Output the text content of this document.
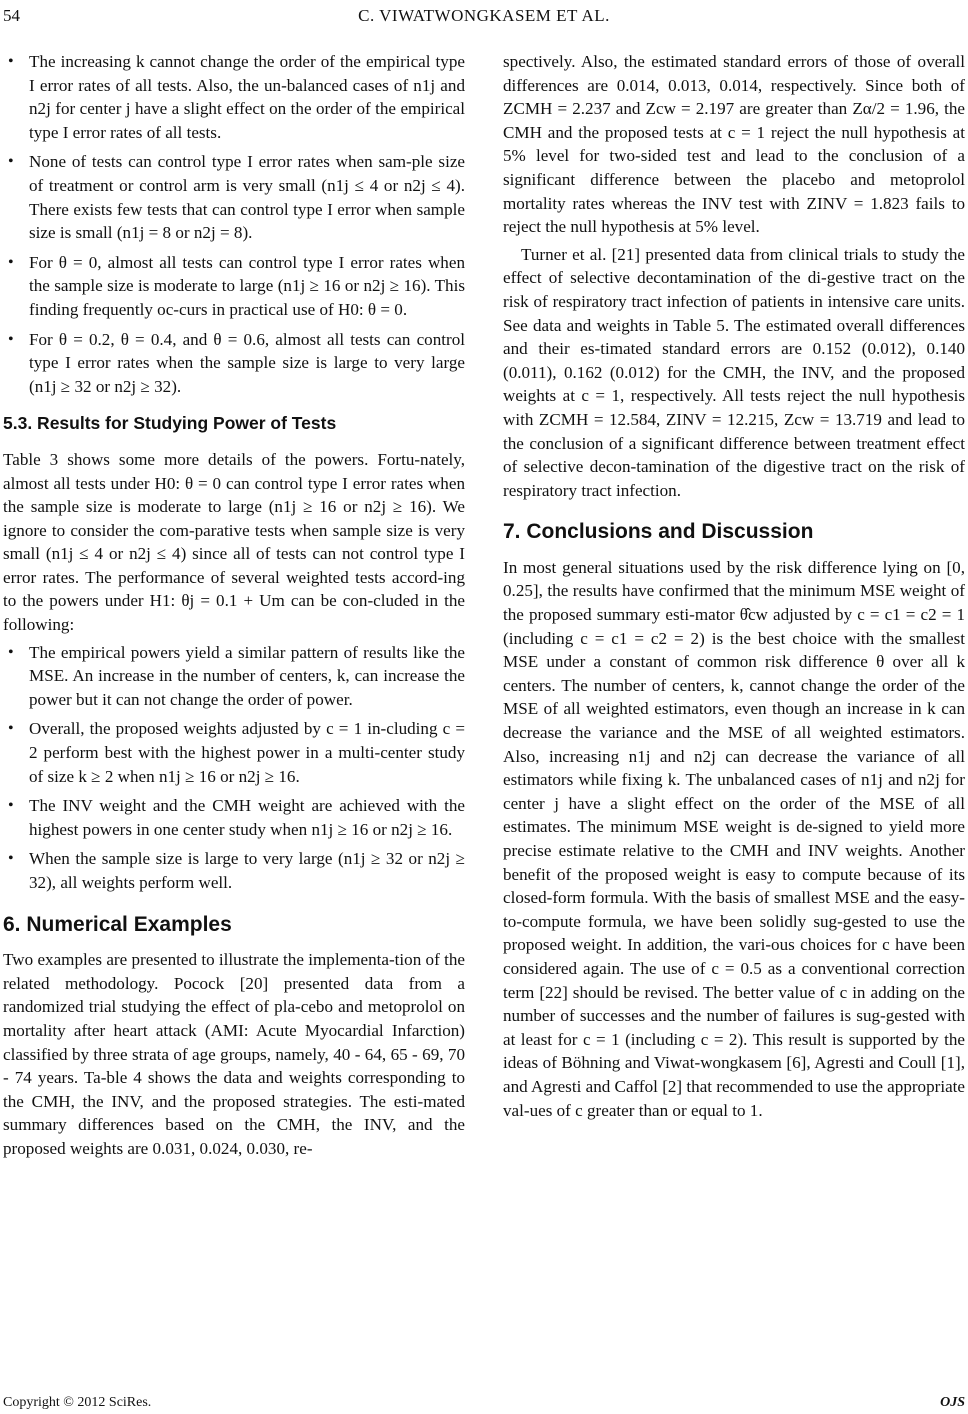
54	C. VIWATWONGKASEM ET AL.
• The increasing k cannot change the order of the empirical type I error rates of all tests. Also, the un-balanced cases of n1j and n2j for center j have a slight effect on the order of the empirical type I error rates of all tests.
• None of tests can control type I error rates when sam-ple size of treatment or control arm is very small (n1j ≤ 4 or n2j ≤ 4). There exists few tests that can control type I error when sample size is small (n1j = 8 or n2j = 8).
• For θ = 0, almost all tests can control type I error rates when the sample size is moderate to large (n1j ≥ 16 or n2j ≥ 16). This finding frequently oc-curs in practical use of H0: θ = 0.
• For θ = 0.2, θ = 0.4, and θ = 0.6, almost all tests can control type I error rates when the sample size is large to very large (n1j ≥ 32 or n2j ≥ 32).

5.3. Results for Studying Power of Tests

Table 3 shows some more details of the powers. Fortu-nately, almost all tests under H0: θ = 0 can control type I error rates when the sample size is moderate to large (n1j ≥ 16 or n2j ≥ 16). We ignore to consider the com-parative tests when sample size is very small (n1j ≤ 4 or n2j ≤ 4) since all of tests can not control type I error rates. The performance of several weighted tests accord-ing to the powers under H1: θj = 0.1 + Um can be con-cluded in the following:

• The empirical powers yield a similar pattern of results like the MSE. An increase in the number of centers, k, can increase the power but it can not change the order of power.
• Overall, the proposed weights adjusted by c = 1 in-cluding c = 2 perform best with the highest power in a multi-center study of size k ≥ 2 when n1j ≥ 16 or n2j ≥ 16.
• The INV weight and the CMH weight are achieved with the highest powers in one center study when n1j ≥ 16 or n2j ≥ 16.
• When the sample size is large to very large (n1j ≥ 32 or n2j ≥ 32), all weights perform well.

6. Numerical Examples

Two examples are presented to illustrate the implementa-tion of the related methodology. Pocock [20] presented data from a randomized trial studying the effect of pla-cebo and metoprolol on mortality after heart attack (AMI: Acute Myocardial Infarction) classified by three strata of age groups, namely, 40 - 64, 65 - 69, 70 - 74 years. Ta-ble 4 shows the data and weights corresponding to the CMH, the INV, and the proposed strategies. The esti-mated summary differences based on the CMH, the INV, and the proposed weights are 0.031, 0.024, 0.030, re-

spectively. Also, the estimated standard errors of those of overall differences are 0.014, 0.013, 0.014, respectively. Since both of ZCMH = 2.237 and Zcw = 2.197 are greater than Zα/2 = 1.96, the CMH and the proposed tests at c = 1 reject the null hypothesis at 5% level for two-sided test and lead to the conclusion of a significant difference between the placebo and metoprolol mortality rates whereas the INV test with ZINV = 1.823 fails to reject the null hypothesis at 5% level.

Turner et al. [21] presented data from clinical trials to study the effect of selective decontamination of the di-gestive tract on the risk of respiratory tract infection of patients in intensive care units. See data and weights in Table 5. The estimated overall differences and their es-timated standard errors are 0.152 (0.012), 0.140 (0.011), 0.162 (0.012) for the CMH, the INV, and the proposed weights at c = 1, respectively. All tests reject the null hypothesis with ZCMH = 12.584, ZINV = 12.215, Zcw = 13.719 and lead to the conclusion of a significant difference between treatment effect of selective decon-tamination of the digestive tract on the risk of respiratory tract infection.

7. Conclusions and Discussion

In most general situations used by the risk difference lying on [0, 0.25], the results have confirmed that the minimum MSE weight of the proposed summary esti-mator θ̂cw adjusted by c = c1 = c2 = 1 (including c = c1 = c2 = 2) is the best choice with the smallest MSE under a constant of common risk difference θ over all k centers. The number of centers, k, cannot change the order of the MSE of all weighted estimators, even though an increase in k can decrease the variance and the MSE of all weighted estimators. Also, increasing n1j and n2j can decrease the variance of all estimators while fixing k. The unbalanced cases of n1j and n2j for center j have a slight effect on the order of the MSE of all estimates. The minimum MSE weight is de-signed to yield more precise estimate relative to the CMH and INV weights. Another benefit of the proposed weight is easy to compute because of its closed-form formula. With the basis of smallest MSE and the easy-to-compute formula, we have been solidly sug-gested to use the proposed weight. In addition, the vari-ous choices for c have been considered again. The use of c = 0.5 as a conventional correction term [22] should be revised. The better value of c in adding on the number of successes and the number of failures is sug-gested with at least for c = 1 (including c = 2). This result is supported by the ideas of Böhning and Viwat-wongkasem [6], Agresti and Coull [1], and Agresti and Caffol [2] that recommended to use the appropriate val-ues of c greater than or equal to 1.

Copyright © 2012 SciRes.	OJS
